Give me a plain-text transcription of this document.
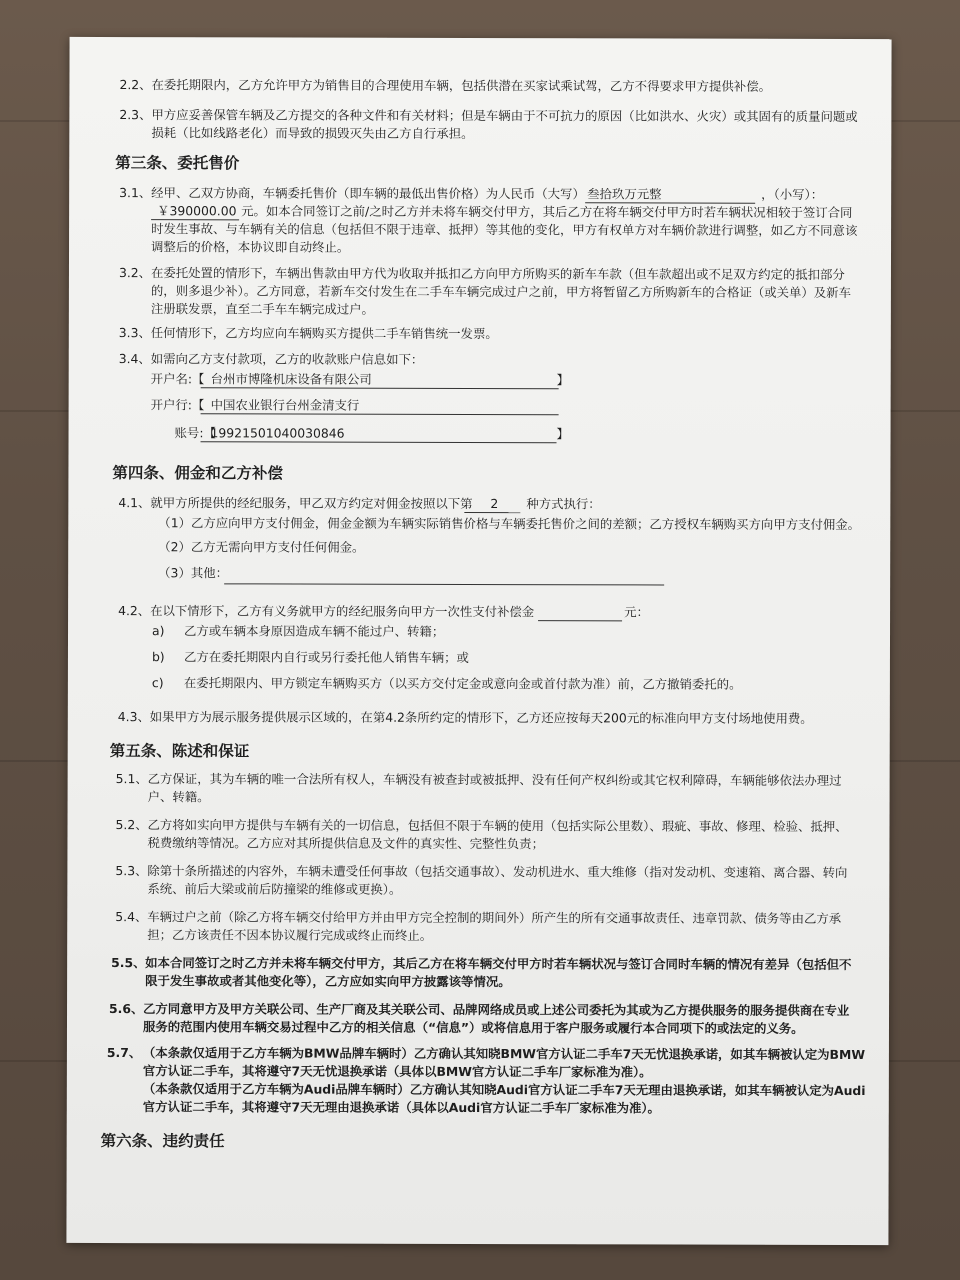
2.2、 在委托期限内，乙方允许甲方为销售目的合理使用车辆，包括供潜在买家试乘试驾，乙方不得要求甲方提供补偿。
2.3、 甲方应妥善保管车辆及乙方提交的各种文件和有关材料；但是车辆由于不可抗力的原因（比如洪水、火灾）或其固有的质量问题或
损耗（比如线路老化）而导致的损毁灭失由乙方自行承担。
第三条、委托售价
3.1、 经甲、乙双方协商，车辆委托售价（即车辆的最低出售价格）为人民币（大写） 叁拾玖万元整	，（小写）：
￥390000.00 元。如本合同签订之前/之时乙方并未将车辆交付甲方，其后乙方在将车辆交付甲方时若车辆状况相较于签订合同
时发生事故、与车辆有关的信息（包括但不限于违章、抵押）等其他的变化，甲方有权单方对车辆价款进行调整，如乙方不同意该
调整后的价格，本协议即自动终止。
3.2、 在委托处置的情形下，车辆出售款由甲方代为收取并抵扣乙方向甲方所购买的新车车款（但车款超出或不足双方约定的抵扣部分
的，则多退少补）。乙方同意，若新车交付发生在二手车车辆完成过户之前，甲方将暂留乙方所购新车的合格证（或关单）及新车
注册联发票，直至二手车车辆完成过户。
3.3、 任何情形下，乙方均应向车辆购买方提供二手车销售统一发票。
3.4、 如需向乙方支付款项，乙方的收款账户信息如下：
开户名:【 台州市博隆机床设备有限公司	】
开户行:【 中国农业银行台州金清支行
账号:【
19921501040030846	】
第四条、佣金和乙方补偿
4.1、 就甲方所提供的经纪服务，甲乙双方约定对佣金按照以下第 2 种方式执行：
（1）乙方应向甲方支付佣金，佣金金额为车辆实际销售价格与车辆委托售价之间的差额；乙方授权车辆购买方向甲方支付佣金。
（2）乙方无需向甲方支付任何佣金。
（3）其他：
4.2、 在以下情形下，乙方有义务就甲方的经纪服务向甲方一次性支付补偿金	元：
a) 乙方或车辆本身原因造成车辆不能过户、转籍；
b) 乙方在委托期限内自行或另行委托他人销售车辆；或
c) 在委托期限内、甲方锁定车辆购买方（以买方交付定金或意向金或首付款为准）前，乙方撤销委托的。
4.3、 如果甲方为展示服务提供展示区域的，在第4.2条所约定的情形下，乙方还应按每天200元的标准向甲方支付场地使用费。
第五条、陈述和保证
5.1、 乙方保证，其为车辆的唯一合法所有权人，车辆没有被查封或被抵押、没有任何产权纠纷或其它权利障碍，车辆能够依法办理过
户、转籍。
5.2、 乙方将如实向甲方提供与车辆有关的一切信息，包括但不限于车辆的使用（包括实际公里数）、瑕疵、事故、修理、检验、抵押、
税费缴纳等情况。乙方应对其所提供信息及文件的真实性、完整性负责；
5.3、 除第十条所描述的内容外，车辆未遭受任何事故（包括交通事故）、发动机进水、重大维修（指对发动机、变速箱、离合器、转向
系统、前后大梁或前后防撞梁的维修或更换）。
5.4、 车辆过户之前（除乙方将车辆交付给甲方并由甲方完全控制的期间外）所产生的所有交通事故责任、违章罚款、债务等由乙方承
担；乙方该责任不因本协议履行完成或终止而终止。
5.5、 如本合同签订之时乙方并未将车辆交付甲方，其后乙方在将车辆交付甲方时若车辆状况与签订合同时车辆的情况有差异（包括但不
限于发生事故或者其他变化等），乙方应如实向甲方披露该等情况。
5.6、 乙方同意甲方及甲方关联公司、生产厂商及其关联公司、品牌网络成员或上述公司委托为其或为乙方提供服务的服务提供商在专业
服务的范围内使用车辆交易过程中乙方的相关信息（“信息”）或将信息用于客户服务或履行本合同项下的或法定的义务。
5.7、 （本条款仅适用于乙方车辆为BMW品牌车辆时）乙方确认其知晓BMW官方认证二手车7天无忧退换承诺，如其车辆被认定为BMW
官方认证二手车，其将遵守7天无忧退换承诺（具体以BMW官方认证二手车厂家标准为准）。
（本条款仅适用于乙方车辆为Audi品牌车辆时）乙方确认其知晓Audi官方认证二手车7天无理由退换承诺，如其车辆被认定为Audi
官方认证二手车，其将遵守7天无理由退换承诺（具体以Audi官方认证二手车厂家标准为准）。
第六条、违约责任
